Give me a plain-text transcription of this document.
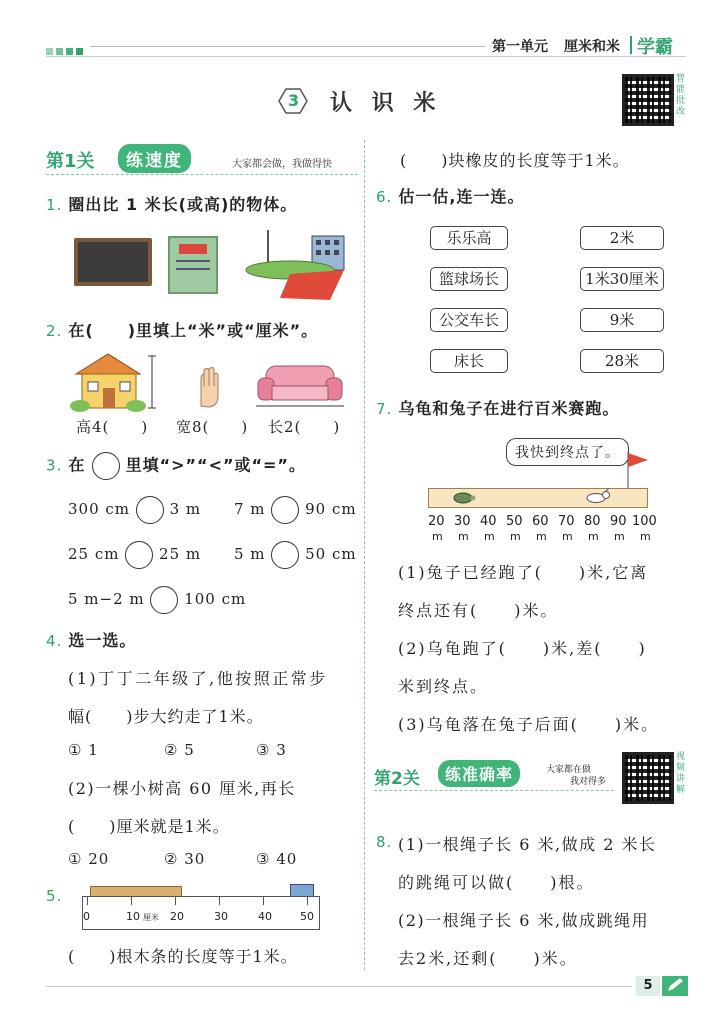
第一单元 厘米和米 学霸
3 认 识 米
智能批改
第1关	练速度	大家都会做，我做得快
1. 圈出比 1 米长(或高)的物体。
2. 在(　　)里填上“米”或“厘米”。
高4(　　) 宽8(　　) 长2(　　)
3. 在	里填“>”“<”或“=”。
300 cm	3 m 7 m	90 cm
25 cm	25 m 5 m	50 cm
5 m−2 m	100 cm
4. 选一选。
(1)丁丁二年级了,他按照正常步
幅(　　)步大约走了1米。
① 1	② 5	③ 3
(2)一棵小树高 60 厘米,再长
(　　)厘米就是1米。
① 20	② 30	③ 40
5.
0	10 厘米 20	30	40	50
(　　)根木条的长度等于1米。
(　　)块橡皮的长度等于1米。
6. 估一估,连一连。
乐乐高
篮球场长
公交车长
床长
2米
1米30厘米
9米
28米
7. 乌龟和兔子在进行百米赛跑。
我快到终点了。
20 30 40 50 60 70 80 90 100
m m m m m m m m m
(1)兔子已经跑了(　　)米,它离
终点还有(　　)米。
(2)乌龟跑了(　　)米,差(　　)
米到终点。
(3)乌龟落在兔子后面(　　)米。
第2关	练准确率	大家都在做
我对得多
视频讲解
8. (1)一根绳子长 6 米,做成 2 米长
的跳绳可以做(　　)根。
(2)一根绳子长 6 米,做成跳绳用
去2米,还剩(　　)米。
5
